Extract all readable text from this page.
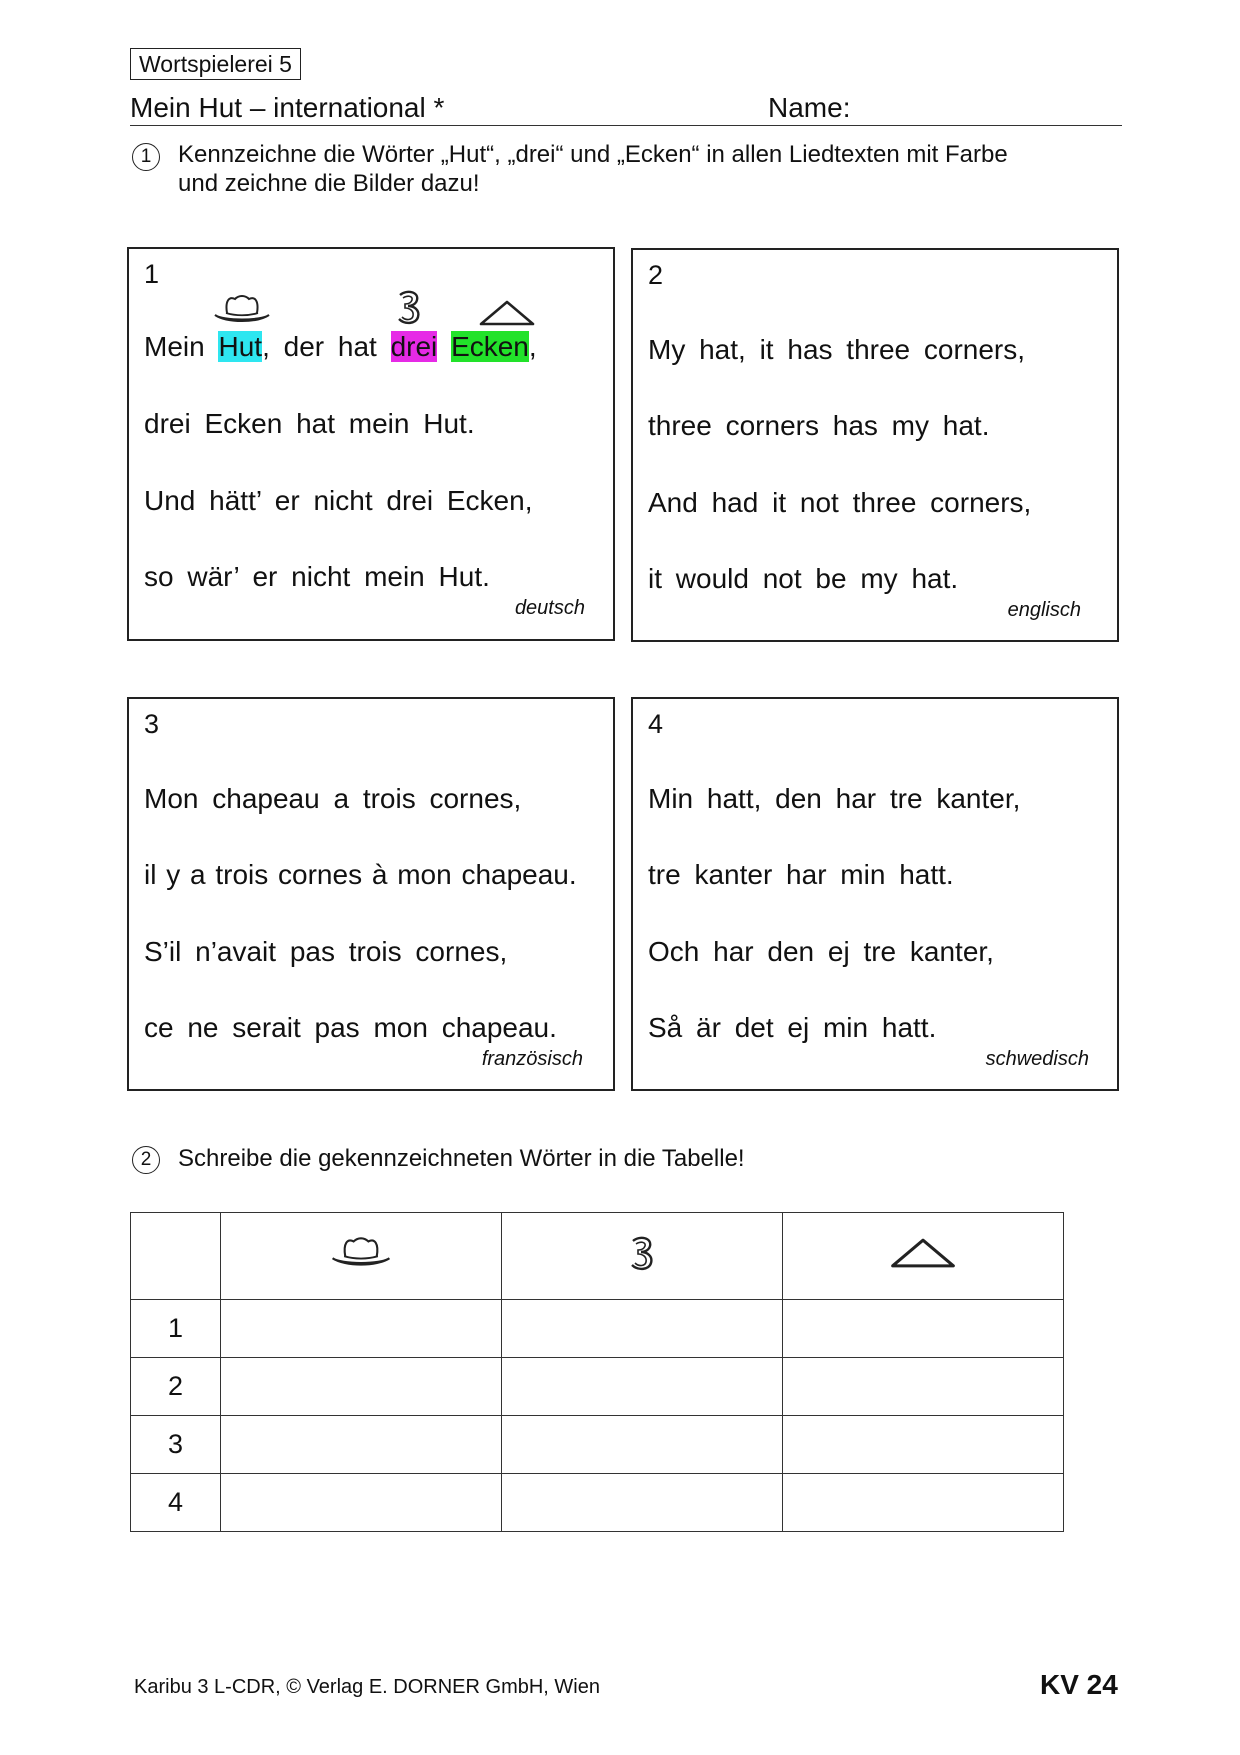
Wortspielerei 5
Mein Hut – international *	Name:
1	Kennzeichne die Wörter „Hut“, „drei“ und „Ecken“ in allen Liedtexten mit Farbe
und zeichne die Bilder dazu!
1
Mein Hut, der hat drei Ecken,
drei Ecken hat mein Hut.
Und hätt’ er nicht drei Ecken,
so wär’ er nicht mein Hut.
deutsch
2
My hat, it has three corners,
three corners has my hat.
And had it not three corners,
it would not be my hat.
englisch
3
Mon chapeau a trois cornes,
il y a trois cornes à mon chapeau.
S’il n’avait pas trois cornes,
ce ne serait pas mon chapeau.
französisch
4
Min hatt, den har tre kanter,
tre kanter har min hatt.
Och har den ej tre kanter,
Så är det ej min hatt.
schwedisch
2	Schreibe die gekennzeichneten Wörter in die Tabelle!

1			
2			
3			
4			
Karibu 3 L-CDR, © Verlag E. DORNER GmbH, Wien	KV 24
